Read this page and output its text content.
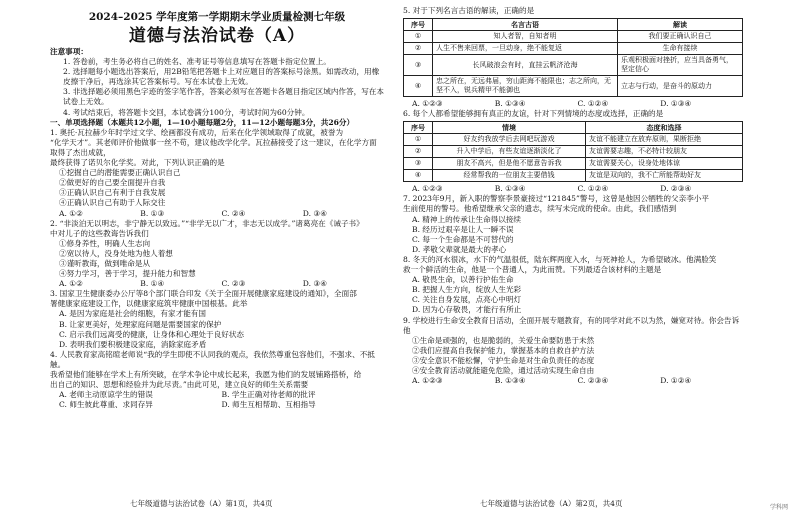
2024–2025 学年度第一学期期末学业质量检测七年级
道德与法治试卷（A）
注意事项：
1. 答卷前，考生务必将自己的姓名、准考证号等信息填写在答题卡指定位置上。
2. 选择题每小题选出答案后，用2B铅笔把答题卡上对应题目的答案标号涂黑。如需改动，用橡皮擦干净后，再选涂其它答案标号。写在本试卷上无效。
3. 非选择题必须用黑色字迹的签字笔作答，答案必须写在答题卡各题目指定区域内作答，写在本试卷上无效。
4. 考试结束后，将答题卡交回，本试卷满分100分，考试时间为60分钟。
一、单项选择题（本题共12小题，1—10小题每题2分，11—12小题每题3分，共26分）
1. 奥托·瓦拉赫少年时学过文学、绘画都没有成功，后来在化学领域取得了成就，被誉为
“化学天才”。其老师评价他做事一丝不苟，建议他改学化学。瓦拉赫接受了这一建议，在化学方面取得了杰出成就，
最终获得了诺贝尔化学奖。对此，下列认识正确的是
①挖掘自己的潜能需要正确认识自己
②做更好的自己要全面提升自我
③正确认识自己有利于自我发展
④正确认识自己有助于人际交往
A. ①②	B. ①③	C. ②④	D. ③④
2. “非淡泊无以明志，非宁静无以致远。”“非学无以广才，非志无以成学。”诸葛亮在《诫子书》
中对儿子的这些教诲告诉我们
①修身养性，明确人生志向
②宽以待人，没身处地为他人着想
③谨听教诲，做到唯命是从
④努力学习，善于学习，提升能力和智慧
A. ①②	B. ①④	C. ②③	D. ③④
3. 国家卫生健康委办公厅等8个部门联合印发《关于全面开展健康家庭建设的通知》，全面部
署健康家庭建设工作，以健康家庭筑牢健康中国根基。此举
A. 是因为家庭是社会的细胞，有家才能有国
B. 让家更美好，处理家庭问题是需要国家的保护
C. 启示我们远离受的健康，让身体和心理处于良好状态
D. 表明我们要积极建设家庭，消除家庭矛盾
4. 人民教育家高铭暄老师说“我的学生即使不认同我的观点，我依然尊重包容他们，不强求、不抵触。
我希望他们能够在学术上有所突破，在学术争论中成长起来，我愿为他们的发展铺路搭桥，给
出自己的知识、思想和经验并为此尽责。”由此可见，建立良好的师生关系需要
A. 老师主动原谅学生的错误	B. 学生正确对待老师的批评
C. 师生彼此尊重、求同存异	D. 师生互相帮助、互相指导
5. 对于下列名言古语的解读，正确的是
序号	名言古语	解读
①	知人者智，自知者明	我们要正确认识自己
②	人生不售来回票，一旦动身，绝不能复返	生命有接续
③	长风破浪会有时，直挂云帆济沧海	乐观积极面对挫折，应当具备勇气，坚定信心
④	忠之所在，无远弗届，穷山距海不能限也；志之所向，无坚不入，锐兵精甲不能御也	立志与行动，是奋斗的原动力
A. ①②③	B. ①③④	C. ①②④	D. ①③④
6. 每个人都希望能够拥有真正的友谊，针对下列情境的态度或选择，正确的是
序号	情境	态度和选择
①	好友约我放学后去网吧玩游戏	友谊不能建立在放弃原则，果断拒绝
②	升入中学后，有些友谊逐渐淡化了	友谊需要志趣，不必特计较朋友
③	朋友不高兴，但是他不愿意告诉我	友谊需要关心，设身处地体谅
④	经常帮我的一位朋友主要借钱	友谊是双向的，我不亡所能帮助好友
A. ①②③	B. ①③④	C. ①②④	D. ②③④
7. 2023年9月，新入职的警察李景豪接过“121845”警号，这曾是他因公牺牲的父亲李小平
生前使用的警号。他希望继承父亲的遗志，续写未完成的使命。由此，我们感悟到
A. 精神上的传承让生命得以接续
B. 经历过艰辛是让人一瞬不误
C. 每一个生命都是不可替代的
D. 孝敬父辈就是最大的孝心
8. 冬天的河水很冰，水下的气温很低，陆东辉两度入水，与死神抢人，为希望破冰。他满脸笑
救一个鲜活的生命，他是一个普通人，为此而赞。下列最适合该材料的主题是
A. 敬畏生命，以善行护佑生命
B. 把握人生方向，绽放人生光彩
C. 关注自身发展，点亮心中明灯
D. 因为心存敬畏，才能行有所止
9. 学校进行生命安全教育日活动，全面开展专题教育，有的同学对此不以为然，嫌宽对待。你会告诉他
①生命是顽强的，也是脆弱的，关爱生命要防患于未然
②我们应提高自我保护能力，掌握基本的自救自护方法
③安全意识不能松懈，守护生命是对生命负责任的态度
④安全教育活动就能避免危险，通过活动实现生命自由
A. ①②③	B. ①③④	C. ②③④	D. ①②④
七年级道德与法治试卷（A）第1页，共4页	七年级道德与法治试卷（A）第2页，共4页	学科网
